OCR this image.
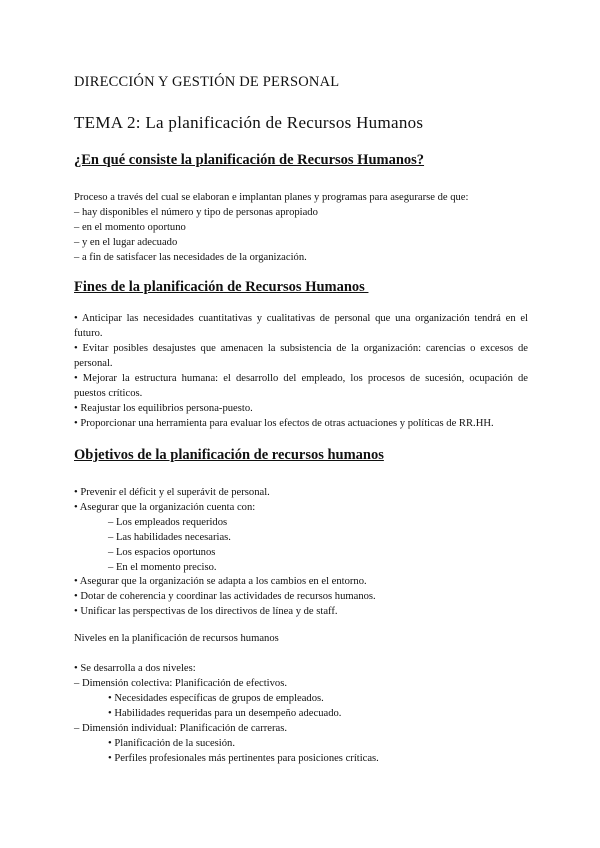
DIRECCIÓN Y GESTIÓN DE PERSONAL
TEMA 2: La planificación de Recursos Humanos
¿En qué consiste la planificación de Recursos Humanos?
Proceso a través del cual se elaboran e implantan planes y programas para asegurarse de que:
– hay disponibles el número y tipo de personas apropiado
– en el momento oportuno
– y en el lugar adecuado
– a fin de satisfacer las necesidades de la organización.
Fines de la planificación de Recursos Humanos
• Anticipar las necesidades cuantitativas y cualitativas de personal que una organización tendrá en el futuro.
• Evitar posibles desajustes que amenacen la subsistencia de la organización: carencias o excesos de personal.
• Mejorar la estructura humana: el desarrollo del empleado, los procesos de sucesión, ocupación de puestos críticos.
• Reajustar los equilibrios persona-puesto.
• Proporcionar una herramienta para evaluar los efectos de otras actuaciones y políticas de RR.HH.
Objetivos de la planificación de recursos humanos
• Prevenir el déficit y el superávit de personal.
• Asegurar que la organización cuenta con:
– Los empleados requeridos
– Las habilidades necesarias.
– Los espacios oportunos
– En el momento preciso.
• Asegurar que la organización se adapta a los cambios en el entorno.
• Dotar de coherencia y coordinar las actividades de recursos humanos.
• Unificar las perspectivas de los directivos de línea y de staff.
Niveles en la planificación de recursos humanos
• Se desarrolla a dos niveles:
– Dimensión colectiva: Planificación de efectivos.
• Necesidades específicas de grupos de empleados.
• Habilidades requeridas para un desempeño adecuado.
– Dimensión individual: Planificación de carreras.
• Planificación de la sucesión.
• Perfiles profesionales más pertinentes para posiciones críticas.
